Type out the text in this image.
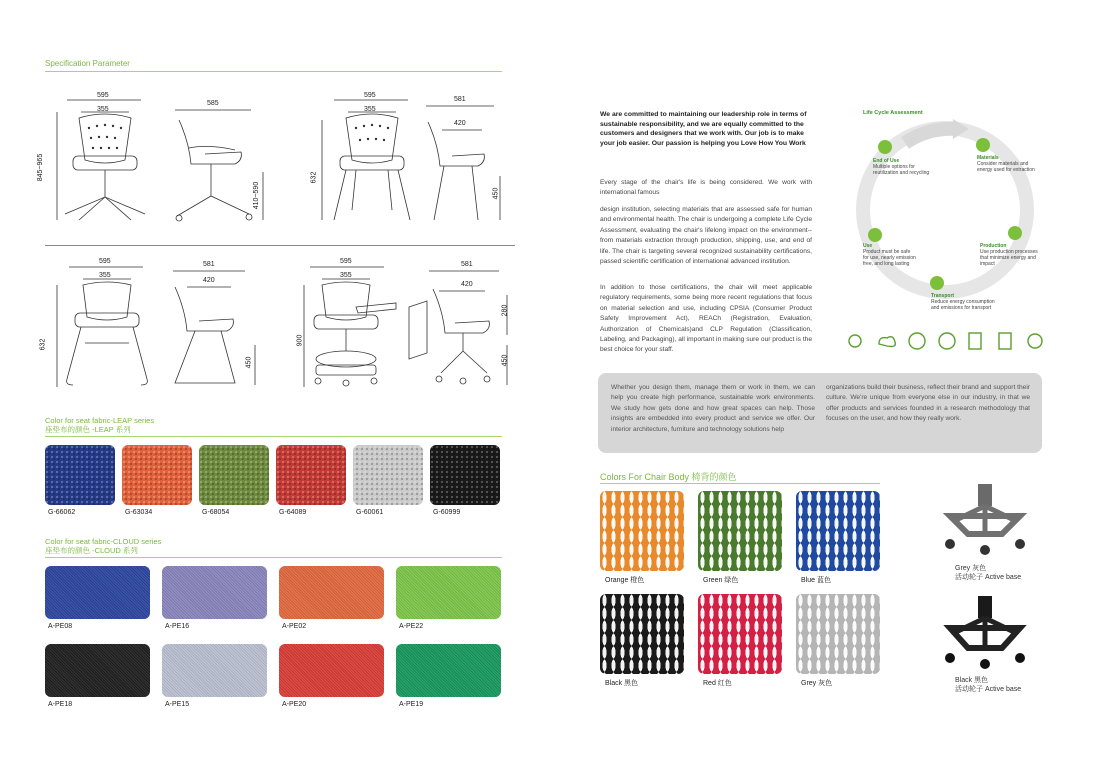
Specification Parameter
595
355
845~965
585
410~590
595
355
632
581
420
450
595
355
632
581
420
450
595
355
900
581
420
280
450
Color for seat fabric-LEAP series
座垫布的颜色 -LEAP 系列
G-66062	G-63034	G-68054	G-64089	G-60061	G-60999
Color for seat fabric-CLOUD series
座垫布的颜色 -CLOUD 系列
A-PE08	A-PE16	A-PE02	A-PE22
A-PE18	A-PE15	A-PE20	A-PE19
We are committed to maintaining our leadership role in terms of sustainable responsibility, and we are equally committed to the customers and designers that we work with. Our job is to make your job easier. Our passion is helping you Love How You Work
Every stage of the chair's life is being considered. We work with international famous
design institution, selecting materials that are assessed safe for human and environmental health. The chair is undergoing a complete Life Cycle Assessment, evaluating the chair's lifelong impact on the environment--from materials extraction through production, shipping, use, and end of life. The chair is targeting several recognized sustainability certifications, passed scientific certification of international advanced institution.
In addition to those certifications, the chair will meet applicable regulatory requirements, some being more recent regulations that focus on material selection and use, including CPSIA (Consumer Product Safety Improvement Act), REACh (Registration, Evaluation, Authorization of Chemicals)and CLP Regulation (Classification, Labeling, and Packaging), all important in making sure our product is the best choice for your staff.
Life Cycle Assessment
End of Use
Multiple options for reutilization and recycling
Materials
Consider materials and energy used for extraction
Production
Use production processes that minimize energy and impact
Transport
Reduce energy consumption and emissions for transport
Use
Product must be safe for use, nearly emission free, and long lasting
Whether you design them, manage them or work in them, we can help you create high performance, sustainable work environments. We study how gets done and how great spaces can help. Those insights are embedded into every product and service we offer. Our interior architecture, furniture and technology solutions help
organizations build their business, reflect their brand and support their culture. We're unique from everyone else in our industry, in that we offer products and services founded in a research methodology that focuses on the user, and how they really work.
Colors For Chair Body 椅背的颜色
Orange 橙色	Green 绿色	Blue 蓝色
Black 黑色	Red 红色	Grey 灰色
Grey 灰色
活动轮子 Active base
Black 黑色
活动轮子 Active base
